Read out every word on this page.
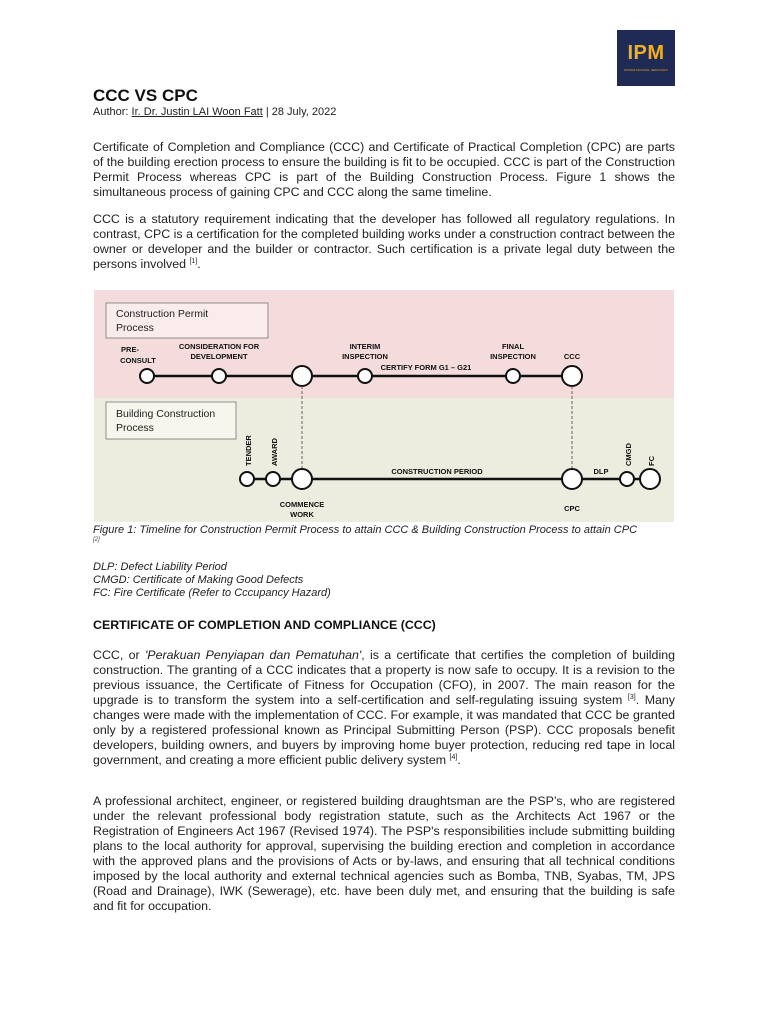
IPM
PROFESSIONAL SERVICES
CCC VS CPC
Author: Ir. Dr. Justin LAI Woon Fatt | 28 July, 2022

Certificate of Completion and Compliance (CCC) and Certificate of Practical Completion (CPC) are parts of the building erection process to ensure the building is fit to be occupied. CCC is part of the Construction Permit Process whereas CPC is part of the Building Construction Process. Figure 1 shows the simultaneous process of gaining CPC and CCC along the same timeline.

CCC is a statutory requirement indicating that the developer has followed all regulatory regulations. In contrast, CPC is a certification for the completed building works under a construction contract between the owner or developer and the builder or contractor. Such certification is a private legal duty between the persons involved [1].

Construction Permit
Process
Building Construction
Process
PRE-
CONSULT
CONSIDERATION FOR
DEVELOPMENT
INTERIM
INSPECTION
FINAL
INSPECTION	CCC
CERTIFY FORM G1 – G21
TENDER AWARD	CMGD FC
CONSTRUCTION PERIOD	DLP
COMMENCE
WORK
CPC
Figure 1: Timeline for Construction Permit Process to attain CCC & Building Construction Process to attain CPC
[2]
DLP: Defect Liability Period
CMGD: Certificate of Making Good Defects
FC: Fire Certificate (Refer to Cccupancy Hazard)
CERTIFICATE OF COMPLETION AND COMPLIANCE (CCC)

CCC, or 'Perakuan Penyiapan dan Pematuhan', is a certificate that certifies the completion of building construction. The granting of a CCC indicates that a property is now safe to occupy. It is a revision to the previous issuance, the Certificate of Fitness for Occupation (CFO), in 2007. The main reason for the upgrade is to transform the system into a self-certification and self-regulating issuing system [3]. Many changes were made with the implementation of CCC. For example, it was mandated that CCC be granted only by a registered professional known as Principal Submitting Person (PSP). CCC proposals benefit developers, building owners, and buyers by improving home buyer protection, reducing red tape in local government, and creating a more efficient public delivery system [4].

A professional architect, engineer, or registered building draughtsman are the PSP’s, who are registered under the relevant professional body registration statute, such as the Architects Act 1967 or the Registration of Engineers Act 1967 (Revised 1974). The PSP's responsibilities include submitting building plans to the local authority for approval, supervising the building erection and completion in accordance with the approved plans and the provisions of Acts or by-laws, and ensuring that all technical conditions imposed by the local authority and external technical agencies such as Bomba, TNB, Syabas, TM, JPS (Road and Drainage), IWK (Sewerage), etc. have been duly met, and ensuring that the building is safe and fit for occupation.
